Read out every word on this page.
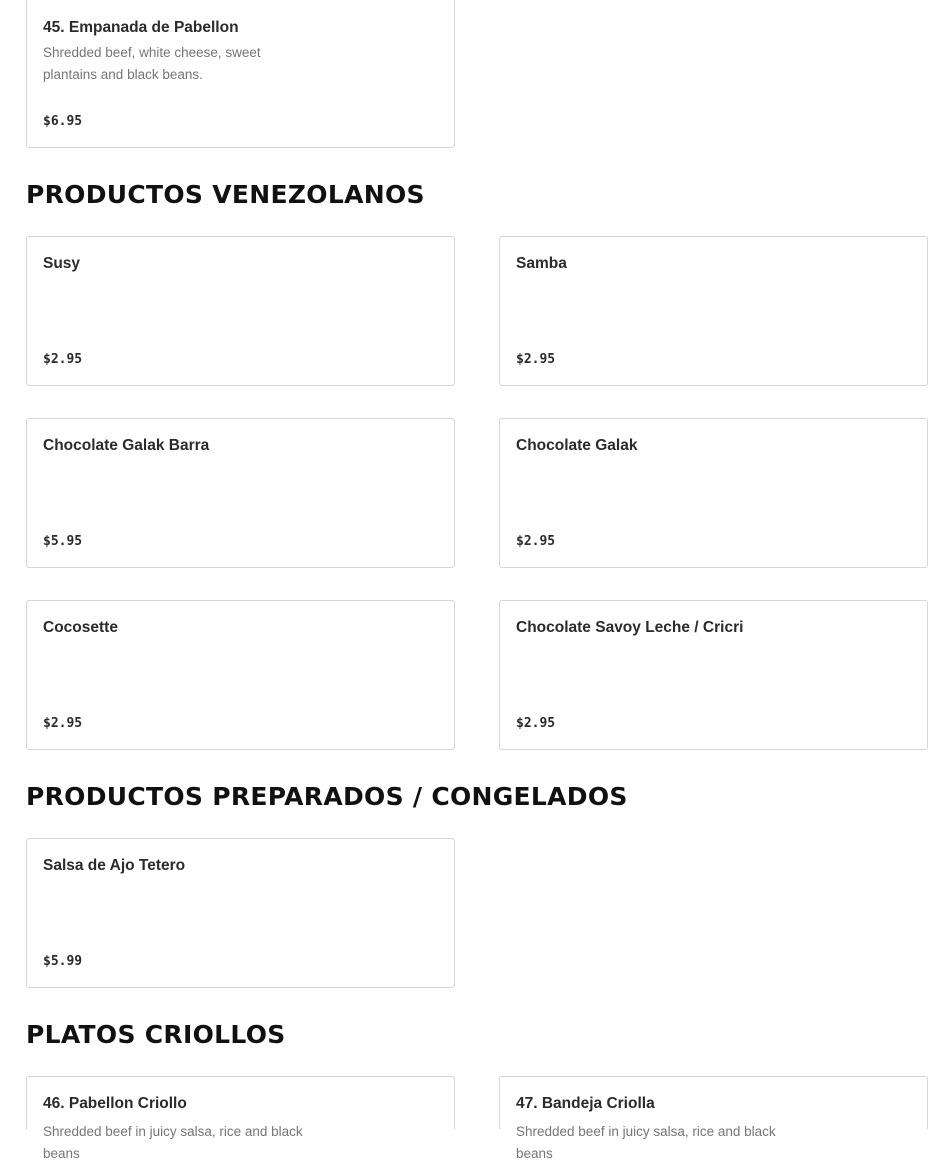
45. Empanada de Pabellon
Shredded beef, white cheese, sweet plantains and black beans.
$6.95
PRODUCTOS VENEZOLANOS
Susy
$2.95
Samba
$2.95
Chocolate Galak Barra
$5.95
Chocolate Galak
$2.95
Cocosette
$2.95
Chocolate Savoy Leche / Cricri
$2.95
PRODUCTOS PREPARADOS / CONGELADOS
Salsa de Ajo Tetero
$5.99
PLATOS CRIOLLOS
46. Pabellon Criollo
Shredded beef in juicy salsa, rice and black beans
47. Bandeja Criolla
Shredded beef in juicy salsa, rice and black beans
